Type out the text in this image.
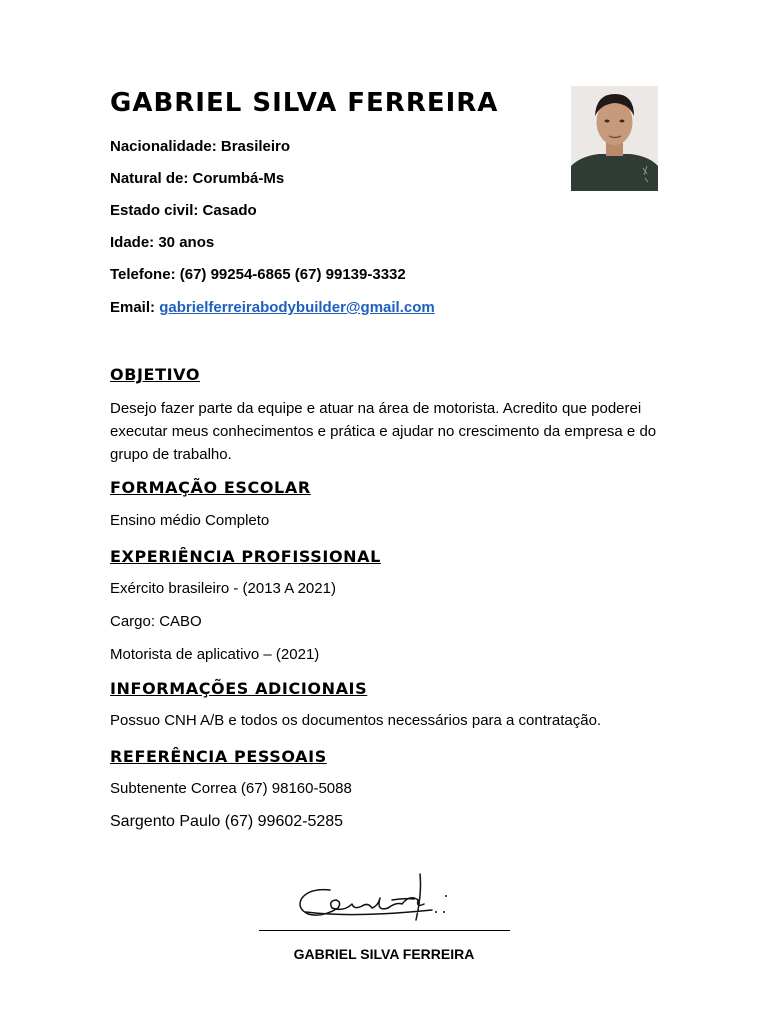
GABRIEL SILVA FERREIRA
Nacionalidade: Brasileiro
Natural de: Corumbá-Ms
Estado civil: Casado
Idade: 30 anos
Telefone: (67) 99254-6865 (67) 99139-3332
Email: gabrielferreirabodybuilder@gmail.com
OBJETIVO
Desejo fazer parte da equipe e atuar na área de motorista. Acredito que poderei executar meus conhecimentos e prática e ajudar no crescimento da empresa e do grupo de trabalho.
FORMAÇÃO ESCOLAR
Ensino médio Completo
EXPERIÊNCIA PROFISSIONAL
Exército brasileiro - (2013 A 2021)
Cargo: CABO
Motorista de aplicativo – (2021)
INFORMAÇÕES ADICIONAIS
Possuo CNH A/B e todos os documentos necessários para a contratação.
REFERÊNCIA PESSOAIS
Subtenente Correa (67) 98160-5088
Sargento Paulo (67) 99602-5285
GABRIEL SILVA FERREIRA
